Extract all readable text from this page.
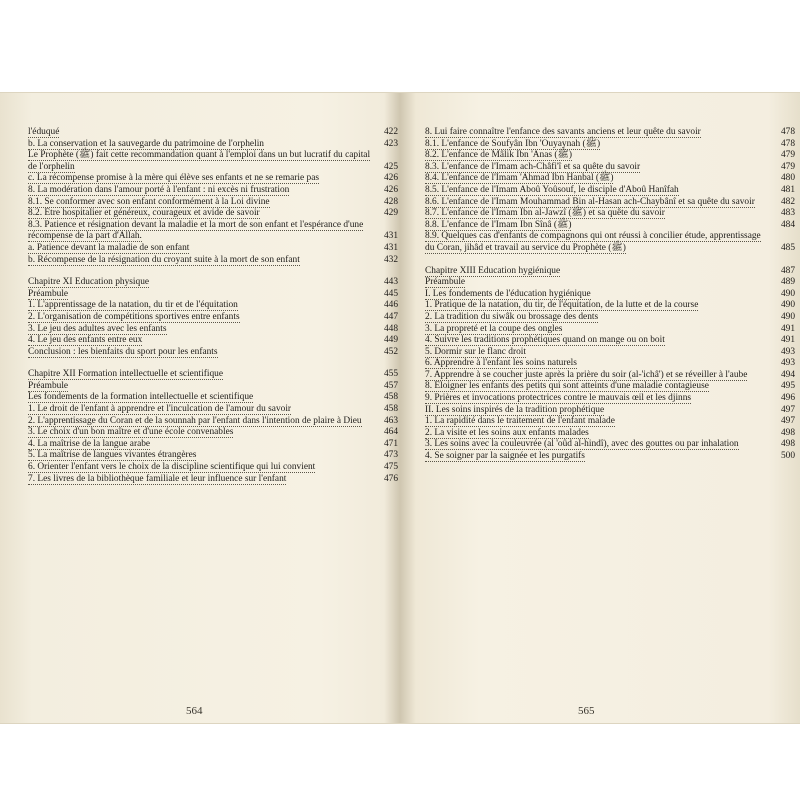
l'éduqué	422
b. La conservation et la sauvegarde du patrimoine de l'orphelin	423
Le Prophète (ﷺ) fait cette recommandation quant à l'emploi dans un but lucratif du capital de l'orphelin	425
c. La récompense promise à la mère qui élève ses enfants et ne se remarie pas	426
8. La modération dans l'amour porté à l'enfant : ni excès ni frustration	426
8.1. Se conformer avec son enfant conformément à la Loi divine	428
8.2. Etre hospitalier et généreux, courageux et avide de savoir	429
8.3. Patience et résignation devant la maladie et la mort de son enfant et l'espérance d'une récompense de la part d'Allah.	431
a. Patience devant la maladie de son enfant	431
b. Récompense de la résignation du croyant suite à la mort de son enfant	432
Chapitre XI Education physique	443
Préambule	445
1. L'apprentissage de la natation, du tir et de l'équitation	446
2. L'organisation de compétitions sportives entre enfants	447
3. Le jeu des adultes avec les enfants	448
4. Le jeu des enfants entre eux	449
Conclusion : les bienfaits du sport pour les enfants	452
Chapitre XII Formation intellectuelle et scientifique	455
Préambule	457
Les fondements de la formation intellectuelle et scientifique	458
1. Le droit de l'enfant à apprendre et l'inculcation de l'amour du savoir	458
2. L'apprentissage du Coran et de la sounnah par l'enfant dans l'intention de plaire à Dieu 463
3. Le choix d'un bon maître et d'une école convenables	464
4. La maîtrise de la langue arabe	471
5. La maîtrise de langues vivantes étrangères	473
6. Orienter l'enfant vers le choix de la discipline scientifique qui lui convient	475
7. Les livres de la bibliothèque familiale et leur influence sur l'enfant	476
8. Lui faire connaître l'enfance des savants anciens et leur quête du savoir	478
8.1. L'enfance de Soufyân Ibn 'Ouyaynah (ﷺ)	478
8.2. L'enfance de Mâlik Ibn 'Anas (ﷺ)	479
8.3. L'enfance de l'Imam ach-Châfi'î et sa quête du savoir	479
8.4. L'enfance de l'Imam 'Ahmad Ibn Hanbal (ﷺ)	480
8.5. L'enfance de l'Imam Aboû Yoûsouf, le disciple d'Aboû Hanîfah	481
8.6. L'enfance de l'Imam Mouhammad Bin al-Hasan ach-Chaybânî et sa quête du savoir	482
8.7. L'enfance de l'Imam Ibn al-Jawzî (ﷺ) et sa quête du savoir	483
8.8. L'enfance de l'Imam Ibn Sînâ (ﷺ)	484
8.9. Quelques cas d'enfants de compagnons qui ont réussi à concilier étude, apprentissage du Coran, jihâd et travail au service du Prophète (ﷺ)	485
Chapitre XIII Education hygiénique	487
Préambule	489
I. Les fondements de l'éducation hygiénique	490
1. Pratique de la natation, du tir, de l'équitation, de la lutte et de la course	490
2. La tradition du siwâk ou brossage des dents	490
3. La propreté et la coupe des ongles	491
4. Suivre les traditions prophétiques quand on mange ou on boit	491
5. Dormir sur le flanc droit	493
6. Apprendre à l'enfant les soins naturels	493
7. Apprendre à se coucher juste après la prière du soir (al-'ichâ') et se réveiller à l'aube	494
8. Eloigner les enfants des petits qui sont atteints d'une maladie contagieuse	495
9. Prières et invocations protectrices contre le mauvais œil et les djinns	496
II. Les soins inspirés de la tradition prophétique	497
1. La rapidité dans le traitement de l'enfant malade	497
2. La visite et les soins aux enfants malades	498
3. Les soins avec la couleuvrée (al 'oûd al-hindî), avec des gouttes ou par inhalation	498
4. Se soigner par la saignée et les purgatifs	500
564	565
